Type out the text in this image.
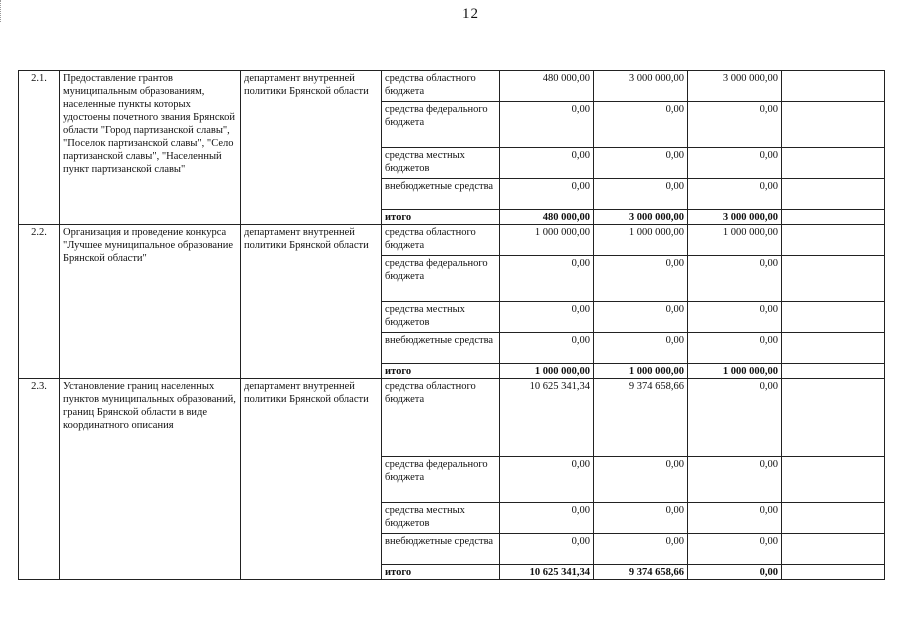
12
2.1.	Предоставление грантов муниципальным образованиям, населенные пункты которых удостоены почетного звания Брянской области "Город партизанской славы", "Поселок партизанской славы", "Село партизанской славы", "Населенный пункт партизанской славы"	департамент внутренней политики Брянской области	средства областного бюджета	480 000,00	3 000 000,00	3 000 000,00	
			средства федерального бюджета	0,00	0,00	0,00	
			средства местных бюджетов	0,00	0,00	0,00	
			внебюджетные средства	0,00	0,00	0,00	
			итого	480 000,00	3 000 000,00	3 000 000,00	
2.2.	Организация и проведение конкурса "Лучшее муниципальное образование Брянской области"	департамент внутренней политики Брянской области	средства областного бюджета	1 000 000,00	1 000 000,00	1 000 000,00	
			средства федерального бюджета	0,00	0,00	0,00	
			средства местных бюджетов	0,00	0,00	0,00	
			внебюджетные средства	0,00	0,00	0,00	
			итого	1 000 000,00	1 000 000,00	1 000 000,00	
2.3.	Установление границ населенных пунктов муниципальных образований, границ Брянской области в виде координатного описания	департамент внутренней политики Брянской области	средства областного бюджета	10 625 341,34	9 374 658,66	0,00	
			средства федерального бюджета	0,00	0,00	0,00	
			средства местных бюджетов	0,00	0,00	0,00	
			внебюджетные средства	0,00	0,00	0,00	
			итого	10 625 341,34	9 374 658,66	0,00	
